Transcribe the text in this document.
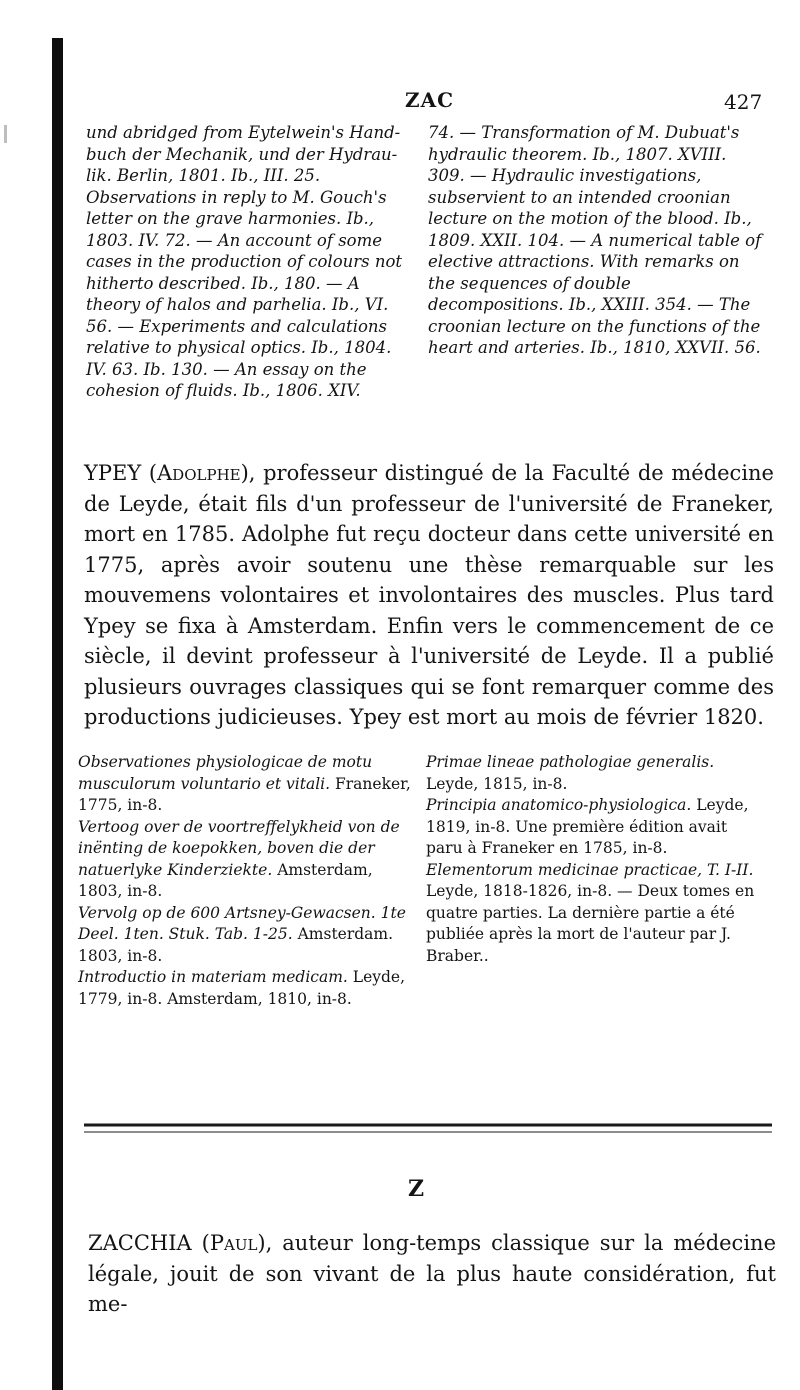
ZAC	427

und abridged from Eytelwein's Hand-buch der Mechanik, und der Hydrau-lik. Berlin, 1801. Ib., III. 25. Observations in reply to M. Gouch's letter on the grave harmonies. Ib., 1803. IV. 72. — An account of some cases in the production of colours not hitherto described. Ib., 180. — A theory of halos and parhelia. Ib., VI. 56. — Experiments and calculations relative to physical optics. Ib., 1804. IV. 63. Ib. 130. — An essay on the cohesion of fluids. Ib., 1806. XIV.

74. — Transformation of M. Dubuat's hydraulic theorem. Ib., 1807. XVIII. 309. — Hydraulic investigations, subservient to an intended croonian lecture on the motion of the blood. Ib., 1809. XXII. 104. — A numerical table of elective attractions. With remarks on the sequences of double decompositions. Ib., XXIII. 354. — The croonian lecture on the functions of the heart and arteries. Ib., 1810, XXVII. 56.

YPEY (Adolphe), professeur distingué de la Faculté de médecine de Leyde, était fils d'un professeur de l'université de Franeker, mort en 1785. Adolphe fut reçu docteur dans cette université en 1775, après avoir soutenu une thèse remarquable sur les mouvemens volontaires et involontaires des muscles. Plus tard Ypey se fixa à Amsterdam. Enfin vers le commencement de ce siècle, il devint professeur à l'université de Leyde. Il a publié plusieurs ouvrages classiques qui se font remarquer comme des productions judicieuses. Ypey est mort au mois de février 1820.

Observationes physiologicae de motu musculorum voluntario et vitali. Franeker, 1775, in-8.

Vertoog over de voortreffelykheid von de inënting de koepokken, boven die der natuerlyke Kinderziekte. Amsterdam, 1803, in-8.

Vervolg op de 600 Artsney-Gewacsen. 1te Deel. 1ten. Stuk. Tab. 1-25. Amsterdam. 1803, in-8.

Introductio in materiam medicam. Leyde, 1779, in-8. Amsterdam, 1810, in-8.

Primae lineae pathologiae generalis. Leyde, 1815, in-8.

Principia anatomico-physiologica. Leyde, 1819, in-8. Une première édition avait paru à Franeker en 1785, in-8.

Elementorum medicinae practicae, T. I-II. Leyde, 1818-1826, in-8. — Deux tomes en quatre parties. La dernière partie a été publiée après la mort de l'auteur par J. Braber..

Z

ZACCHIA (Paul), auteur long-temps classique sur la médecine légale, jouit de son vivant de la plus haute considération, fut me-
